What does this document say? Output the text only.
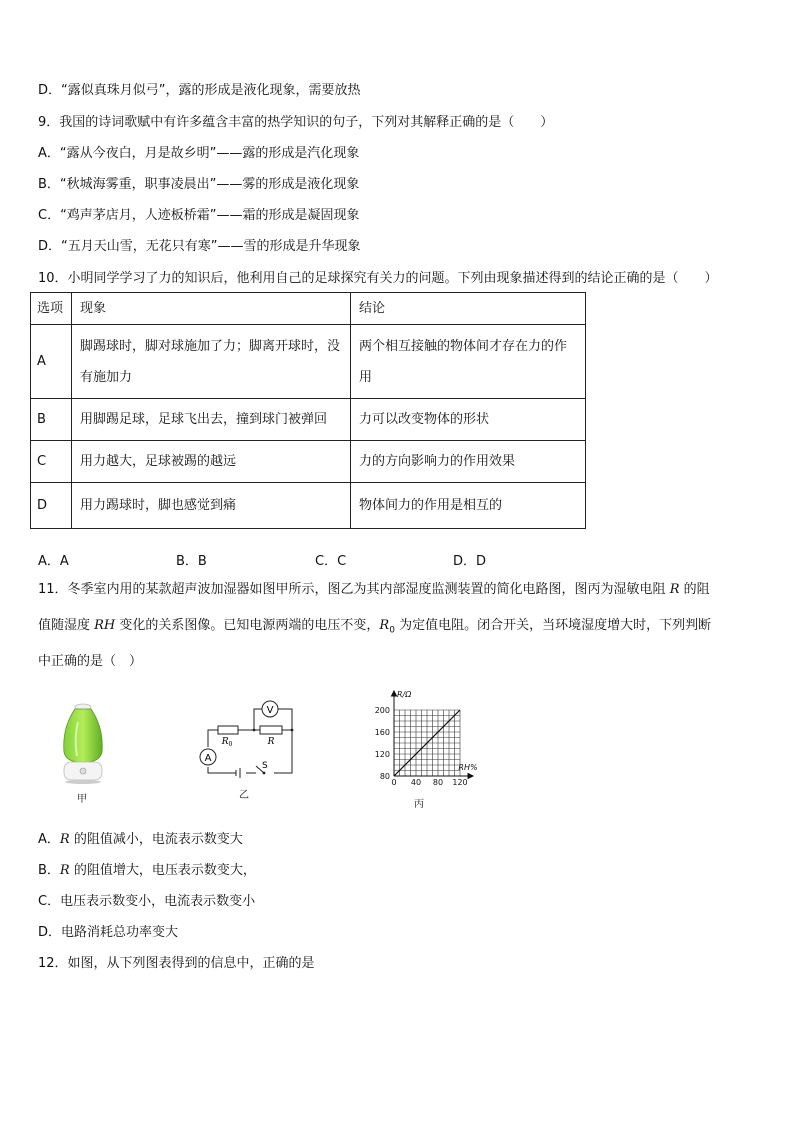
D．“露似真珠月似弓”，露的形成是液化现象，需要放热
9．我国的诗词歌赋中有许多蕴含丰富的热学知识的句子，下列对其解释正确的是（　　）
A．“露从今夜白，月是故乡明”——露的形成是汽化现象
B．“秋城海雾重，职事凌晨出”——雾的形成是液化现象
C．“鸡声茅店月，人迹板桥霜”——霜的形成是凝固现象
D．“五月天山雪，无花只有寒”——雪的形成是升华现象
10．小明同学学习了力的知识后，他利用自己的足球探究有关力的问题。下列由现象描述得到的结论正确的是（　　）
选项	现象	结论
A	脚踢球时，脚对球施加了力；脚离开球时，没有施加力	两个相互接触的物体间才存在力的作用
B	用脚踢足球，足球飞出去，撞到球门被弹回	力可以改变物体的形状
C	用力越大，足球被踢的越远	力的方向影响力的作用效果
D	用力踢球时，脚也感觉到痛	物体间力的作用是相互的
A．A	B．B	C．C	D．D
11．冬季室内用的某款超声波加湿器如图甲所示，图乙为其内部湿度监测装置的简化电路图，图丙为湿敏电阻 R 的阻
值随湿度 RH 变化的关系图像。已知电源两端的电压不变，$R_0$ 为定值电阻。闭合开关，当环境湿度增大时，下列判断
中正确的是（　）
甲
A
V
$R_0$	R
S
乙
200
160
120
80
0 40 80 120
R/Ω
RH%
丙
A．R 的阻值减小，电流表示数变大
B．R 的阻值增大，电压表示数变大，
C．电压表示数变小，电流表示数变小
D．电路消耗总功率变大
12．如图，从下列图表得到的信息中，正确的是
